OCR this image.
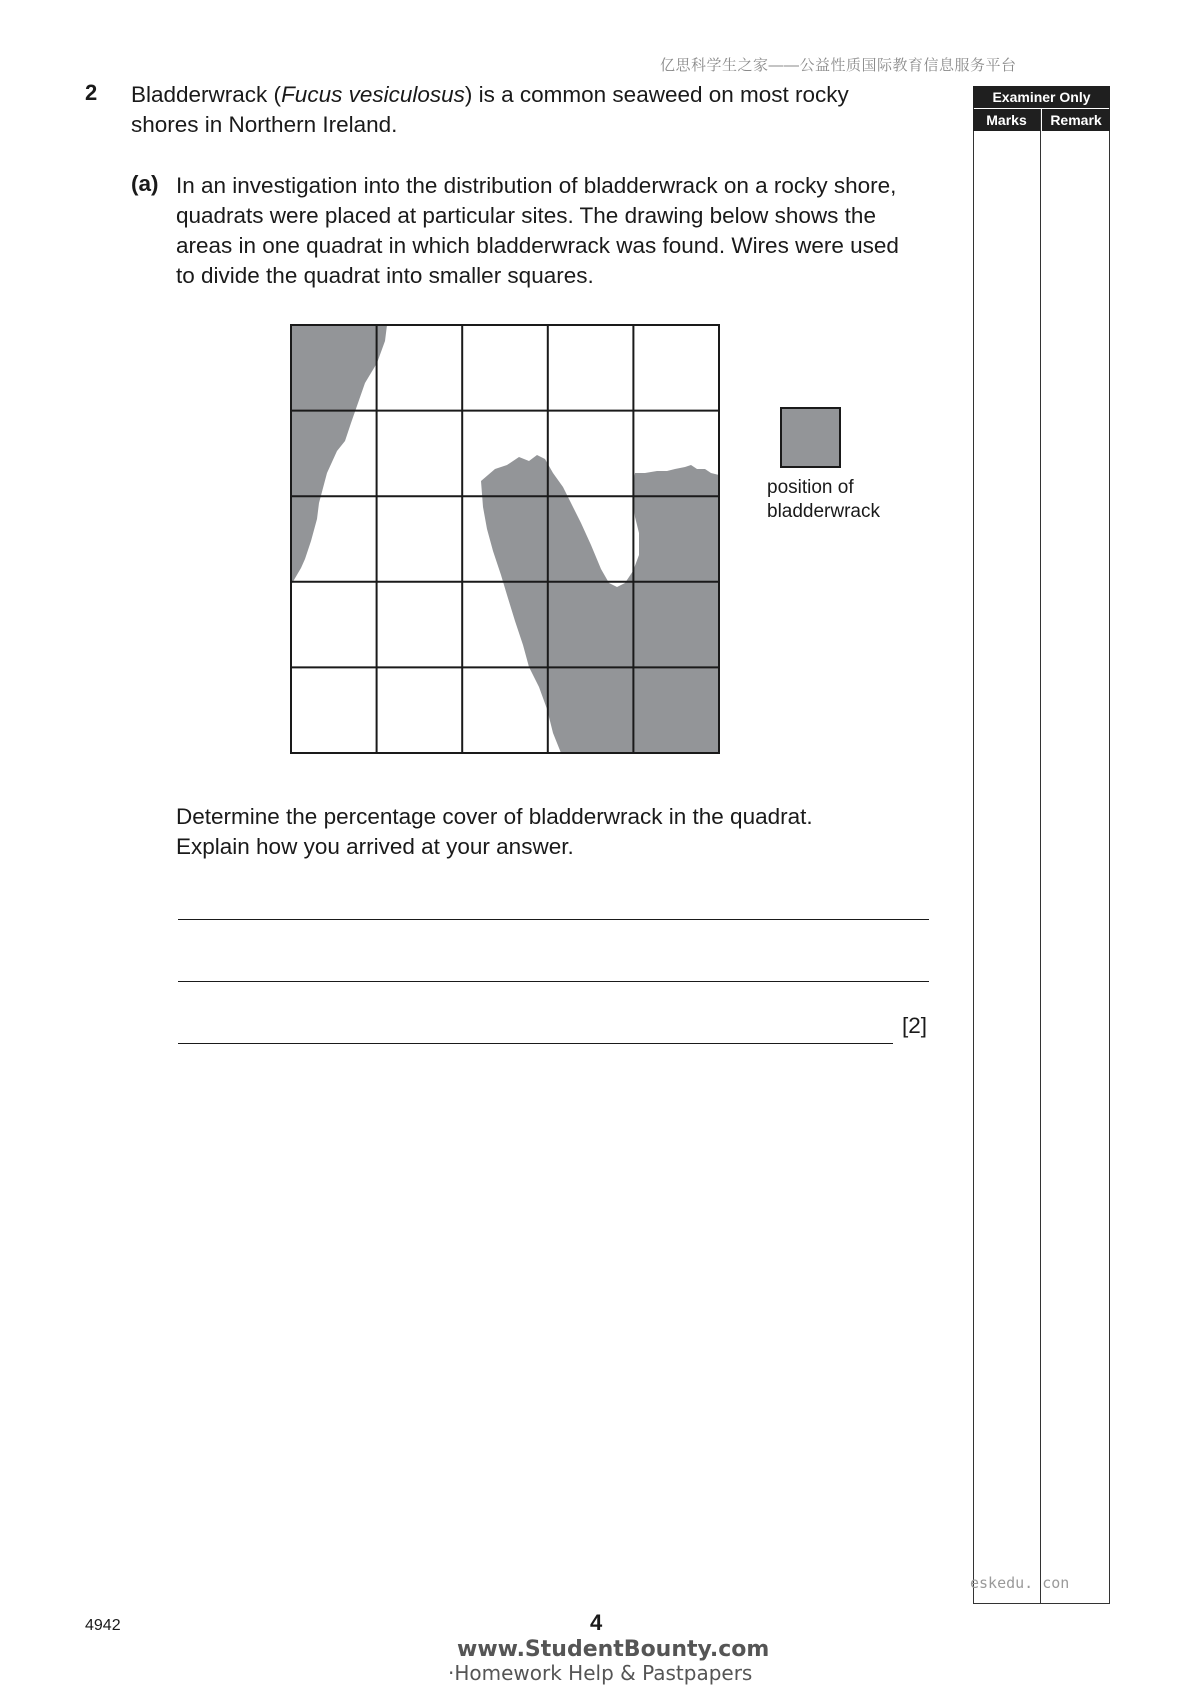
亿思科学生之家——公益性质国际教育信息服务平台
2 Bladderwrack (Fucus vesiculosus) is a common seaweed on most rocky shores in Northern Ireland.
(a) In an investigation into the distribution of bladderwrack on a rocky shore, quadrats were placed at particular sites. The drawing below shows the areas in one quadrat in which bladderwrack was found. Wires were used to divide the quadrat into smaller squares.
position of
bladderwrack
Determine the percentage cover of bladderwrack in the quadrat.
Explain how you arrived at your answer.
[2]
Examiner Only
Marks	Remark
eskedu. con
4942	4
www.StudentBounty.com
·Homework Help & Pastpapers
